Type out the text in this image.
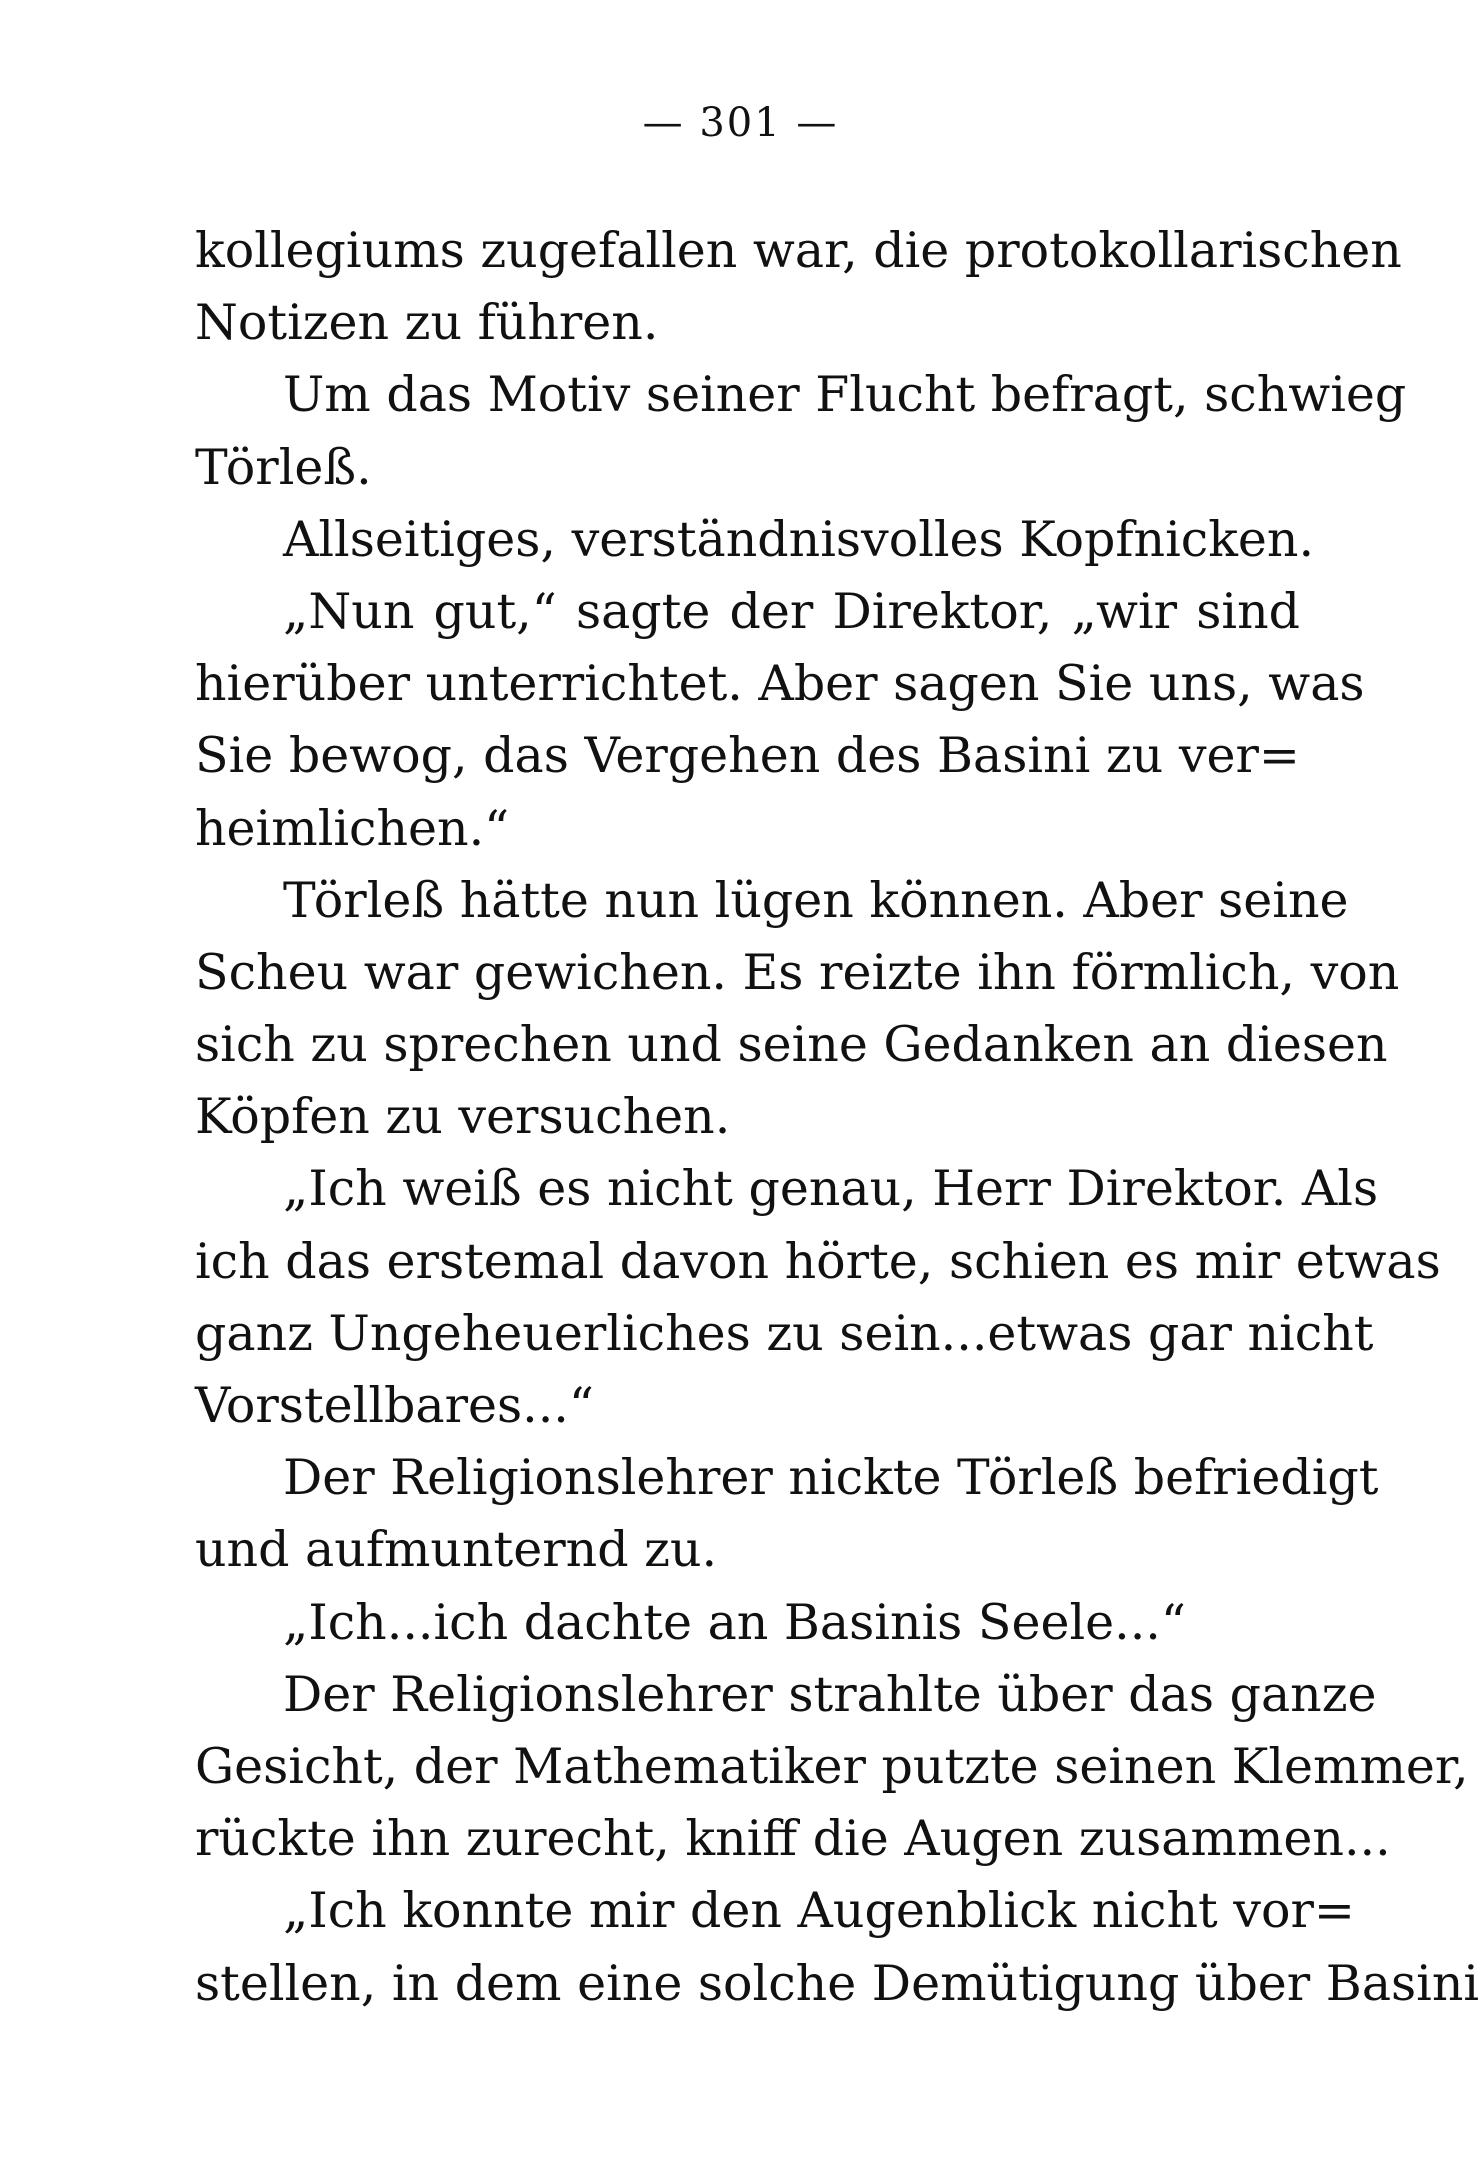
— 301 —
kollegiums zugefallen war, die protokollarischen
Notizen zu führen.
Um das Motiv seiner Flucht befragt, schwieg
Törleß.
Allseitiges, verständnisvolles Kopfnicken.
„Nun gut,“ sagte der Direktor, „wir sind
hierüber unterrichtet. Aber sagen Sie uns, was
Sie bewog, das Vergehen des Basini zu ver=
heimlichen.“
Törleß hätte nun lügen können. Aber seine
Scheu war gewichen. Es reizte ihn förmlich, von
sich zu sprechen und seine Gedanken an diesen
Köpfen zu versuchen.
„Ich weiß es nicht genau, Herr Direktor. Als
ich das erstemal davon hörte, schien es mir etwas
ganz Ungeheuerliches zu sein...etwas gar nicht
Vorstellbares...“
Der Religionslehrer nickte Törleß befriedigt
und aufmunternd zu.
„Ich...ich dachte an Basinis Seele...“
Der Religionslehrer strahlte über das ganze
Gesicht, der Mathematiker putzte seinen Klemmer,
rückte ihn zurecht, kniff die Augen zusammen...
„Ich konnte mir den Augenblick nicht vor=
stellen, in dem eine solche Demütigung über Basini
